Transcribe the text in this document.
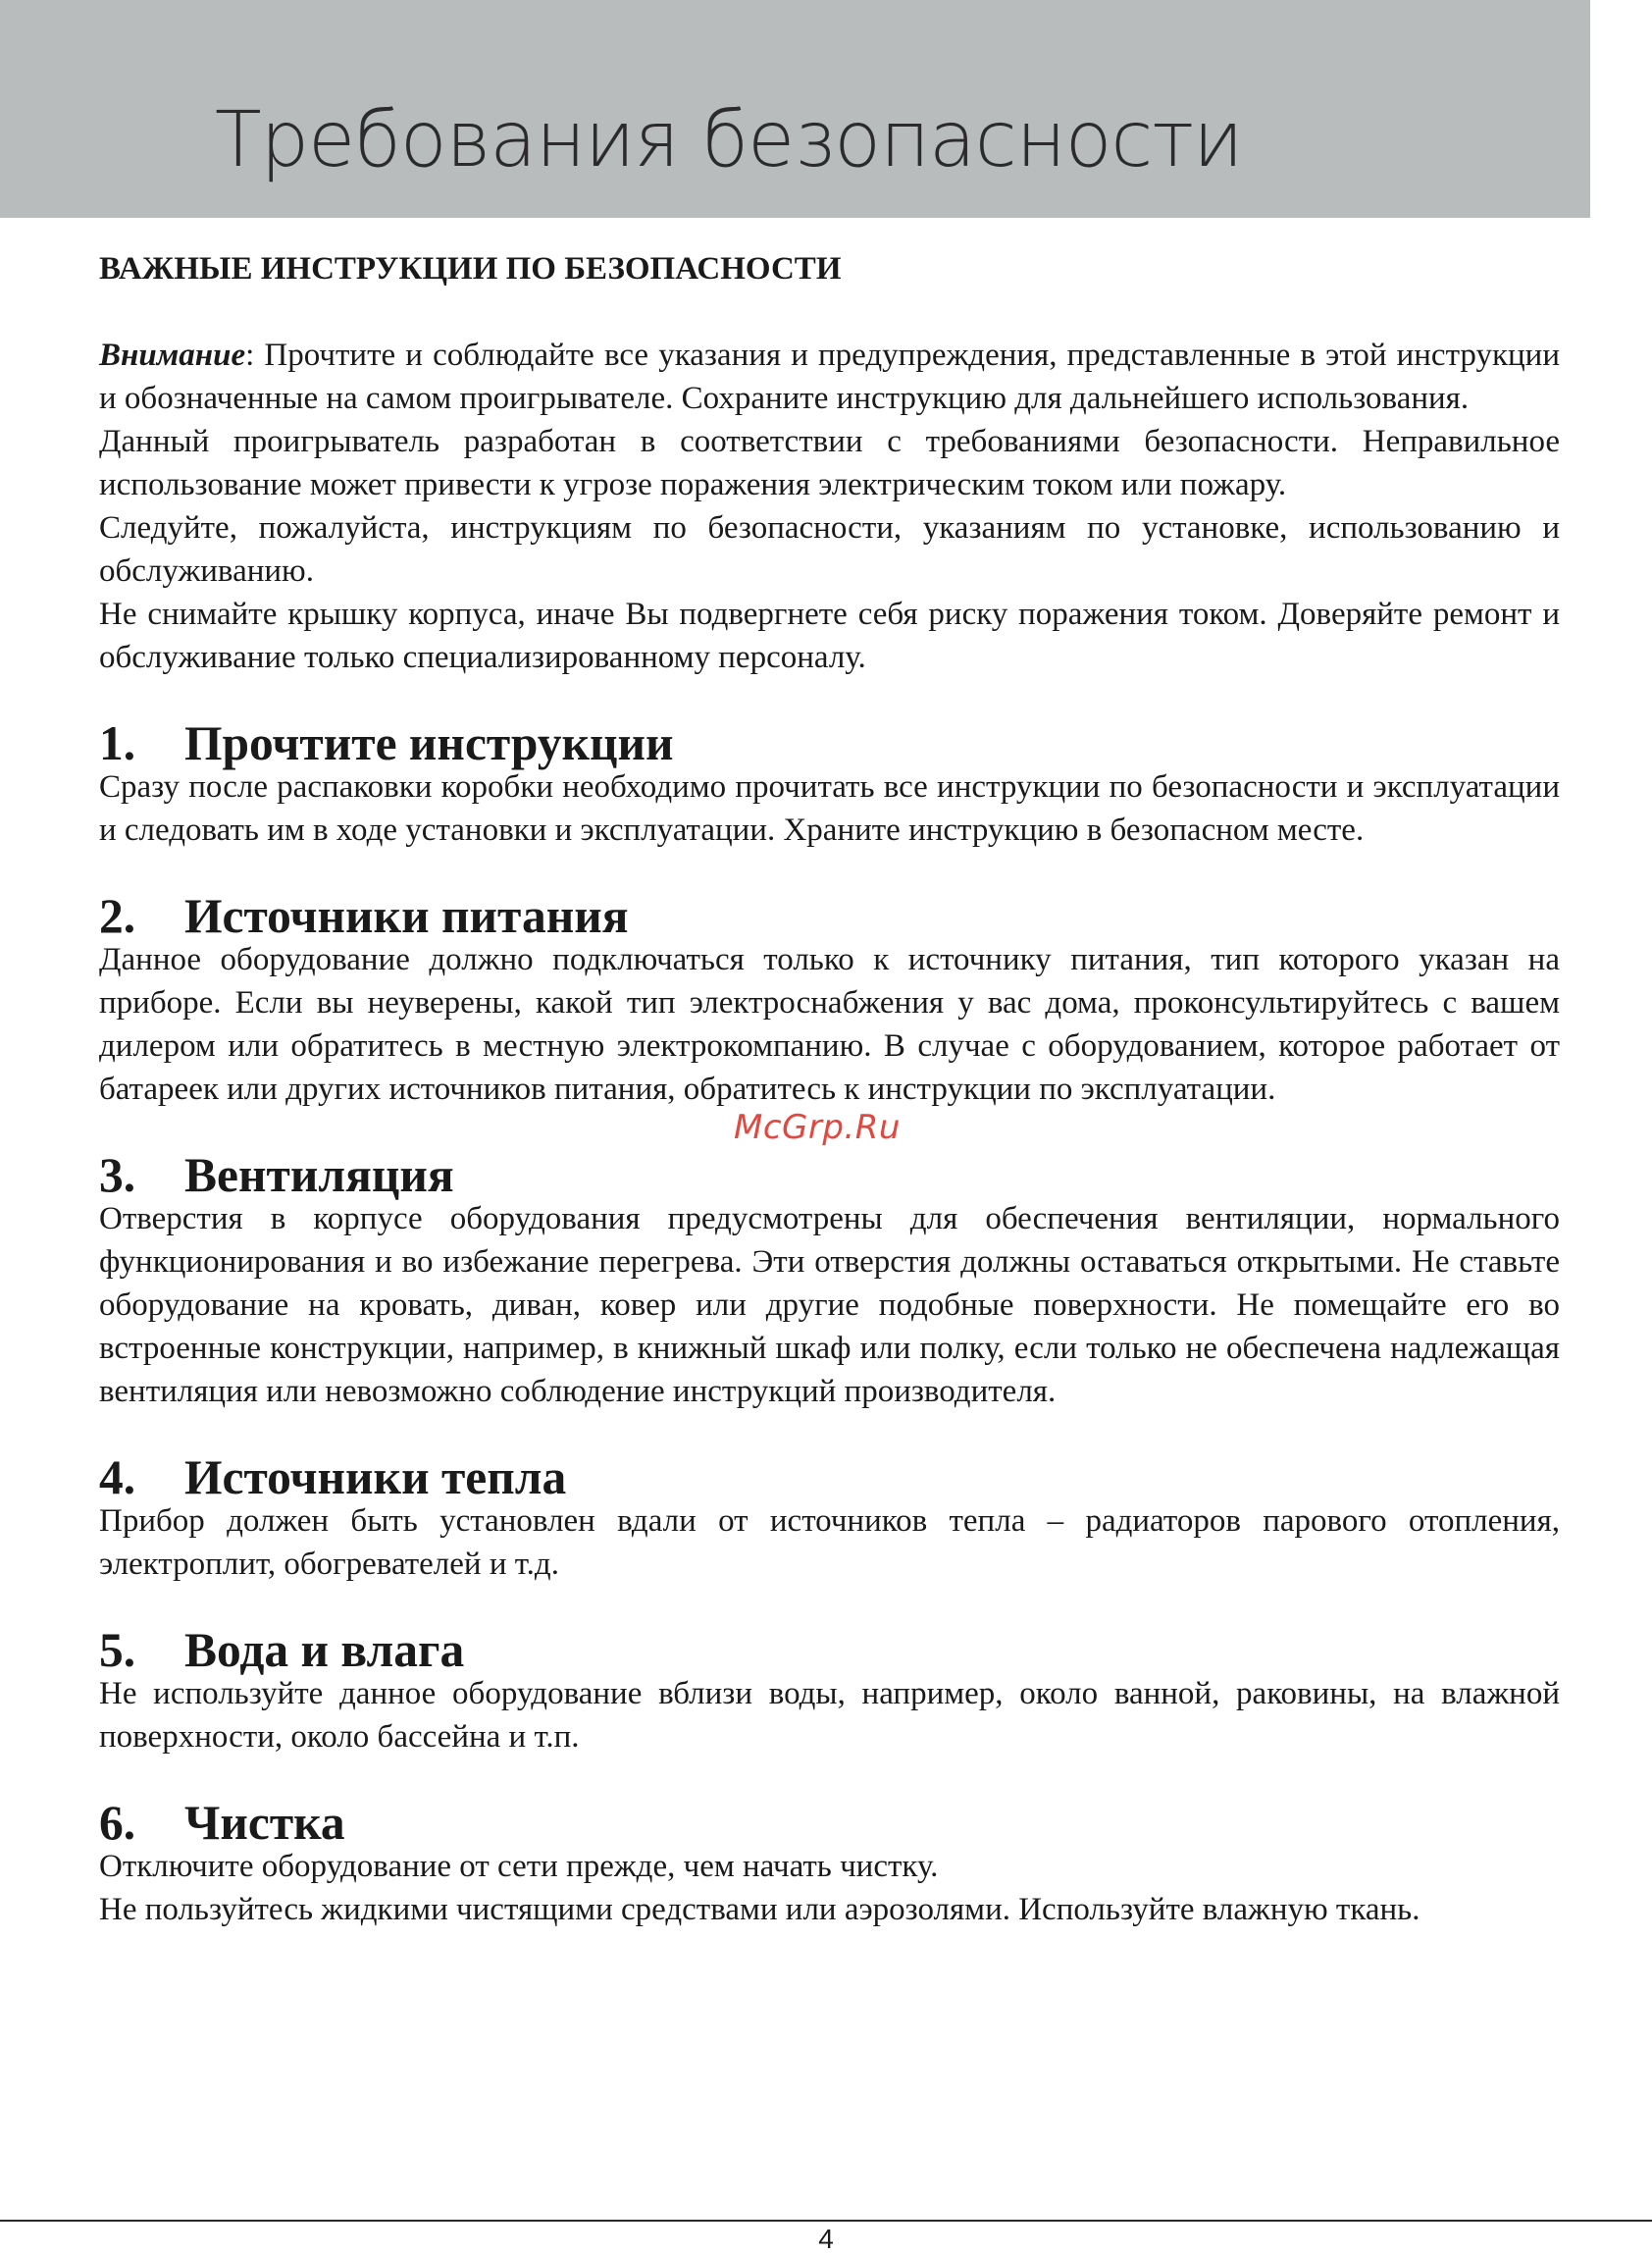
Требования безопасности
ВАЖНЫЕ ИНСТРУКЦИИ ПО БЕЗОПАСНОСТИ

Внимание: Прочтите и соблюдайте все указания и предупреждения, представленные в этой инструкции и обозначенные на самом проигрывателе. Сохраните инструкцию для дальнейшего использования.

Данный проигрыватель разработан в соответствии с требованиями безопасности. Неправильное использование может привести к угрозе поражения электрическим током или пожару.

Следуйте, пожалуйста, инструкциям по безопасности, указаниям по установке, использованию и обслуживанию.

Не снимайте крышку корпуса, иначе Вы подвергнете себя риску поражения током. Доверяйте ремонт и обслуживание только специализированному персоналу.

1.	Прочтите инструкции

Сразу после распаковки коробки необходимо прочитать все инструкции по безопасности и эксплуатации и следовать им в ходе установки и эксплуатации. Храните инструкцию в безопасном месте.

2.	Источники питания

Данное оборудование должно подключаться только к источнику питания, тип которого указан на приборе. Если вы неуверены, какой тип электроснабжения у вас дома, проконсультируйтесь с вашем дилером или обратитесь в местную электрокомпанию. В случае с оборудованием, которое работает от батареек или других источников питания, обратитесь к инструкции по эксплуатации.

3.	Вентиляция

Отверстия в корпусе оборудования предусмотрены для обеспечения вентиляции, нормального функционирования и во избежание перегрева. Эти отверстия должны оставаться открытыми. Не ставьте оборудование на кровать, диван, ковер или другие подобные поверхности. Не помещайте его во встроенные конструкции, например, в книжный шкаф или полку, если только не обеспечена надлежащая вентиляция или невозможно соблюдение инструкций производителя.

4.	Источники тепла

Прибор должен быть установлен вдали от источников тепла – радиаторов парового отопления, электроплит, обогревателей и т.д.

5.	Вода и влага

Не используйте данное оборудование вблизи воды, например, около ванной, раковины, на влажной поверхности, около бассейна и т.п.

6.	Чистка

Отключите оборудование от сети прежде, чем начать чистку.

Не пользуйтесь жидкими чистящими средствами или аэрозолями. Используйте влажную ткань.

McGrp.Ru
4
